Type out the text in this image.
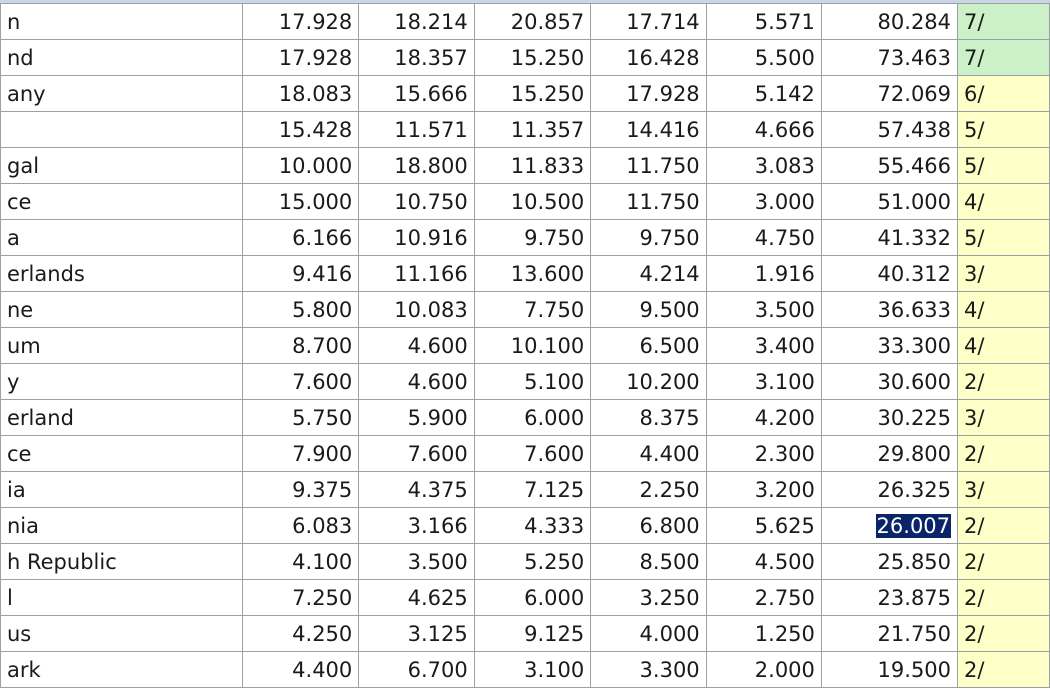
n	17.928	18.214	20.857	17.714	5.571	80.284	7/
nd	17.928	18.357	15.250	16.428	5.500	73.463	7/
any	18.083	15.666	15.250	17.928	5.142	72.069	6/
	15.428	11.571	11.357	14.416	4.666	57.438	5/
gal	10.000	18.800	11.833	11.750	3.083	55.466	5/
ce	15.000	10.750	10.500	11.750	3.000	51.000	4/
a	6.166	10.916	9.750	9.750	4.750	41.332	5/
erlands	9.416	11.166	13.600	4.214	1.916	40.312	3/
ne	5.800	10.083	7.750	9.500	3.500	36.633	4/
um	8.700	4.600	10.100	6.500	3.400	33.300	4/
y	7.600	4.600	5.100	10.200	3.100	30.600	2/
erland	5.750	5.900	6.000	8.375	4.200	30.225	3/
ce	7.900	7.600	7.600	4.400	2.300	29.800	2/
ia	9.375	4.375	7.125	2.250	3.200	26.325	3/
nia	6.083	3.166	4.333	6.800	5.625	26.007	2/
h Republic	4.100	3.500	5.250	8.500	4.500	25.850	2/
l	7.250	4.625	6.000	3.250	2.750	23.875	2/
us	4.250	3.125	9.125	4.000	1.250	21.750	2/
ark	4.400	6.700	3.100	3.300	2.000	19.500	2/
